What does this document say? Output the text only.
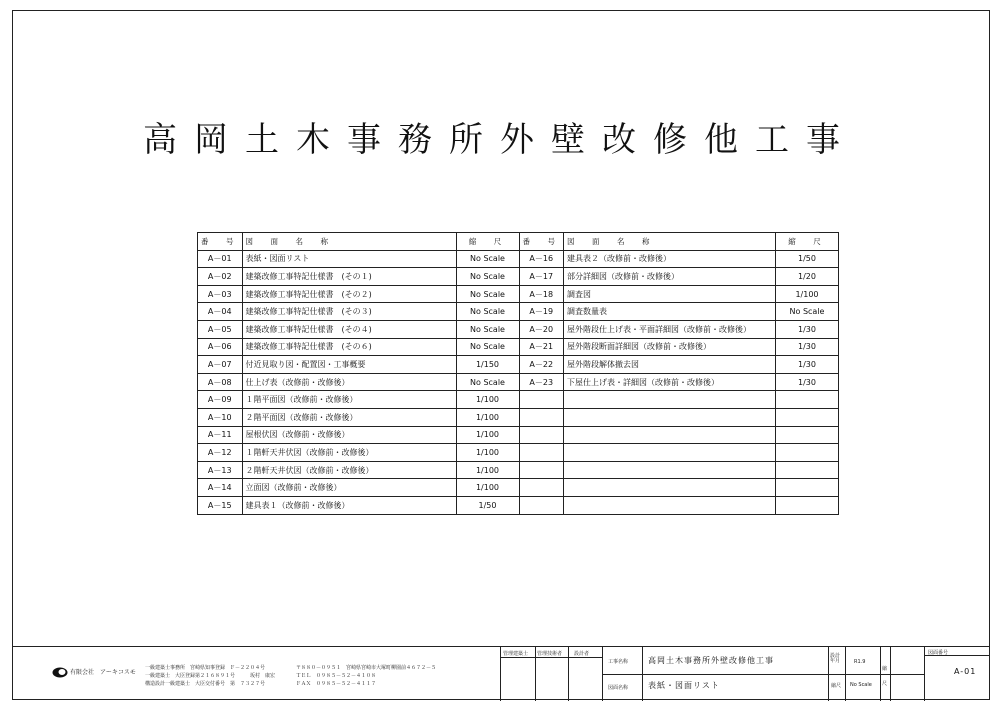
高岡土木事務所外壁改修他工事
番　号	図　面　名　称	縮　尺	番　号	図　面　名　称	縮　尺
A－01	表紙・図面リスト	No Scale	A－16	建具表２（改修前・改修後）	1/50
A－02	建築改修工事特記仕様書　(その１)	No Scale	A－17	部分詳細図（改修前・改修後）	1/20
A－03	建築改修工事特記仕様書　(その２)	No Scale	A－18	調査図	1/100
A－04	建築改修工事特記仕様書　(その３)	No Scale	A－19	調査数量表	No Scale
A－05	建築改修工事特記仕様書　(その４)	No Scale	A－20	屋外階段仕上げ表・平面詳細図（改修前・改修後）	1/30
A－06	建築改修工事特記仕様書　(その６)	No Scale	A－21	屋外階段断面詳細図（改修前・改修後）	1/30
A－07	付近見取り図・配置図・工事概要	1/150	A－22	屋外階段解体撤去図	1/30
A－08	仕上げ表（改修前・改修後）	No Scale	A－23	下屋仕上げ表・詳細図（改修前・改修後）	1/30
A－09	１階平面図（改修前・改修後）	1/100			
A－10	２階平面図（改修前・改修後）	1/100			
A－11	屋根伏図（改修前・改修後）	1/100			
A－12	１階軒天井伏図（改修前・改修後）	1/100			
A－13	２階軒天井伏図（改修前・改修後）	1/100			
A－14	立面図（改修前・改修後）	1/100			
A－15	建具表１（改修前・改修後）	1/50			
有限会社　アーキコスモ
一級建築士事務所　宮崎県知事登録　Ｆ－２２０４号
一級建築士　大臣登録第２１６８９１号　　　坂村　康宏
構造設計一級建築士　大臣交付番号　第　７３２７号
〒８８０－０９５１　宮崎県宮崎市大塚町柳園前４６７２－５
ＴＥＬ　０９８５－５２－４１０８
ＦＡＸ　０９８５－５２－４１１７
管理建築士 管理技術者 設計者
工事名称 高岡土木事務所外壁改修他工事
図面名称 表紙・図面リスト
設計年月	R1.9
縮尺 No Scale
縮
尺
図面番号
A-01
